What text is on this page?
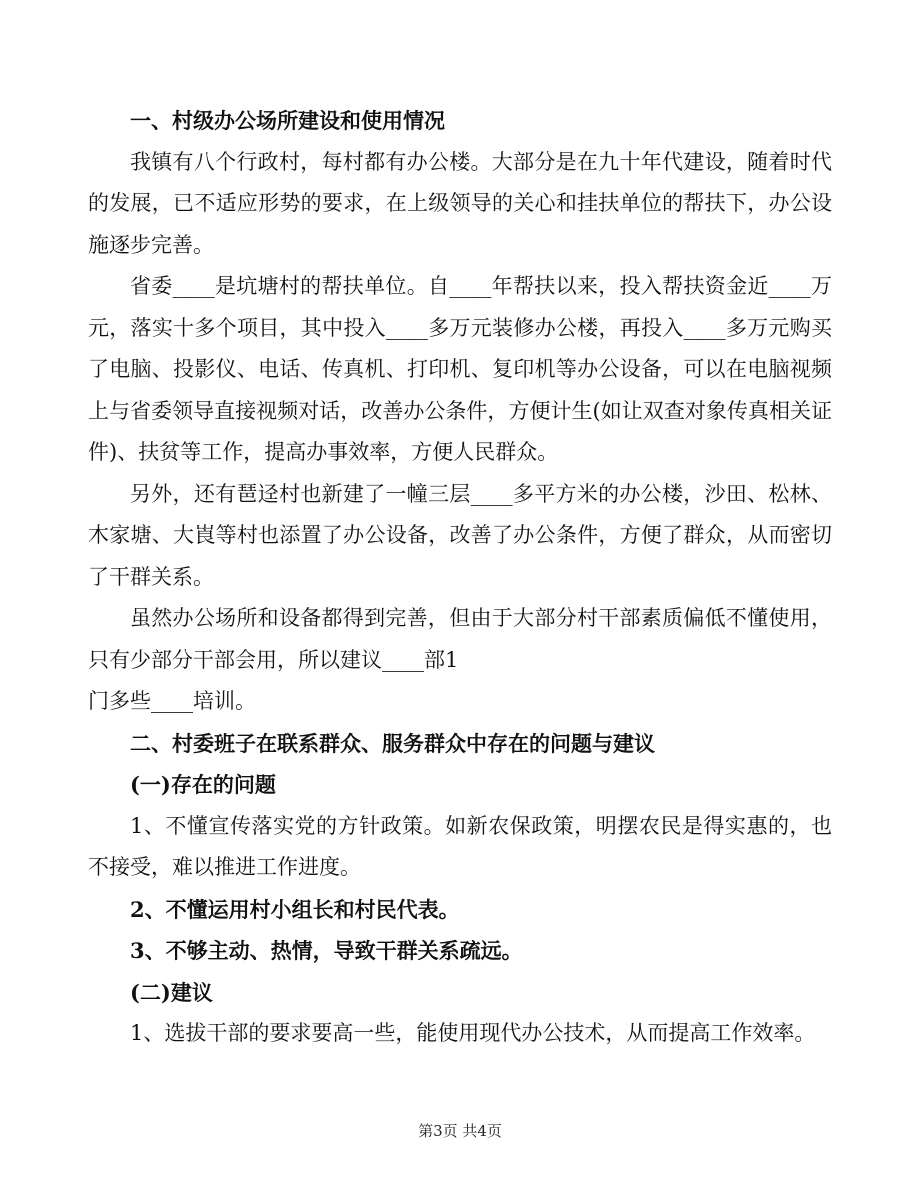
一、村级办公场所建设和使用情况

我镇有八个行政村，每村都有办公楼。大部分是在九十年代建设，随着时代的发展，已不适应形势的要求，在上级领导的关心和挂扶单位的帮扶下，办公设施逐步完善。

省委____是坑塘村的帮扶单位。自____年帮扶以来，投入帮扶资金近____万元，落实十多个项目，其中投入____多万元装修办公楼，再投入____多万元购买了电脑、投影仪、电话、传真机、打印机、复印机等办公设备，可以在电脑视频上与省委领导直接视频对话，改善办公条件，方便计生(如让双查对象传真相关证件)、扶贫等工作，提高办事效率，方便人民群众。

另外，还有琶迳村也新建了一幢三层____多平方米的办公楼，沙田、松林、木家塘、大崀等村也添置了办公设备，改善了办公条件，方便了群众，从而密切了干群关系。

虽然办公场所和设备都得到完善，但由于大部分村干部素质偏低不懂使用，只有少部分干部会用，所以建议____部1

门多些____培训。

二、村委班子在联系群众、服务群众中存在的问题与建议

(一)存在的问题

1、不懂宣传落实党的方针政策。如新农保政策，明摆农民是得实惠的，也不接受，难以推进工作进度。

2、不懂运用村小组长和村民代表。

3、不够主动、热情，导致干群关系疏远。

(二)建议

1、选拔干部的要求要高一些，能使用现代办公技术，从而提高工作效率。

第3页 共4页
